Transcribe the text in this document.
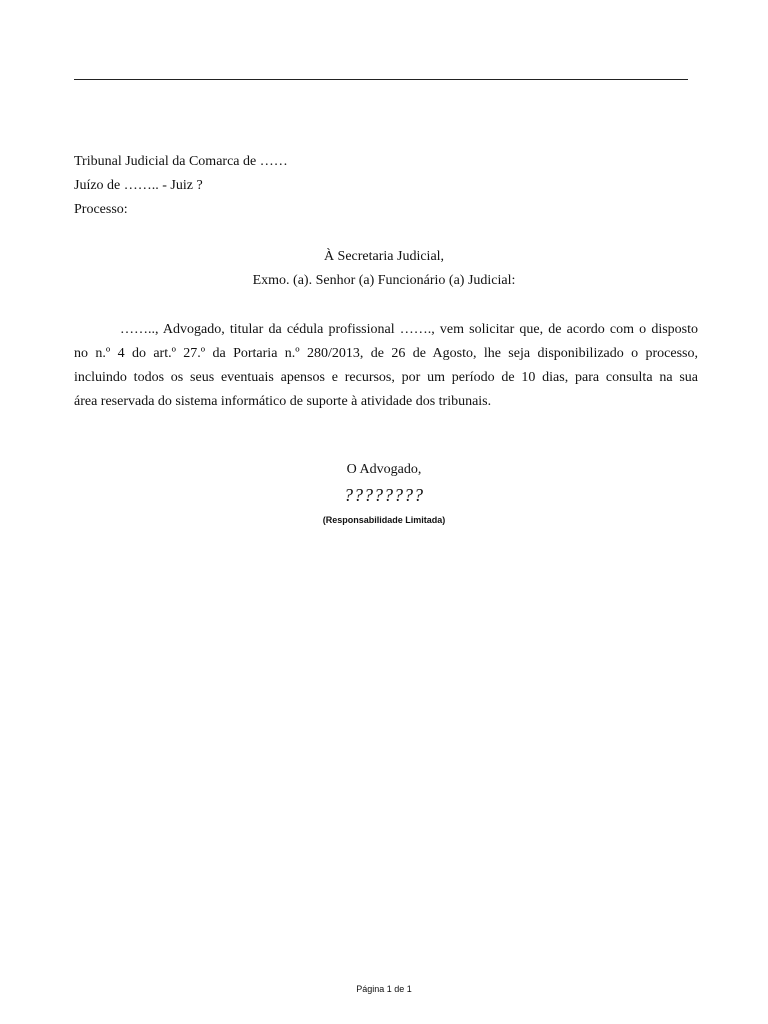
Tribunal Judicial da Comarca de ……
Juízo de …….. - Juiz ?
Processo:
À Secretaria Judicial,
Exmo. (a). Senhor (a) Funcionário (a) Judicial:
…….., Advogado, titular da cédula profissional ……., vem solicitar que, de acordo com o disposto
no n.º 4 do art.º 27.º da Portaria n.º 280/2013, de 26 de Agosto, lhe seja disponibilizado o processo,
incluindo todos os seus eventuais apensos e recursos, por um período de 10 dias, para consulta na sua
área reservada do sistema informático de suporte à atividade dos tribunais.
O Advogado,
????????
(Responsabilidade Limitada)
Página 1 de 1
